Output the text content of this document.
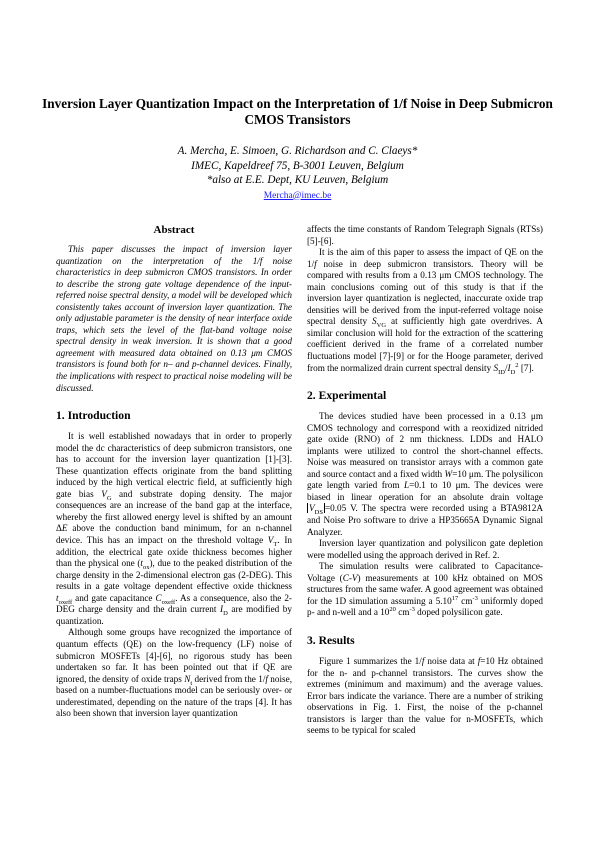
Inversion Layer Quantization Impact on the Interpretation of 1/f Noise in Deep Submicron CMOS Transistors
A. Mercha, E. Simoen, G. Richardson and C. Claeys*
IMEC, Kapeldreef 75, B-3001 Leuven, Belgium
*also at E.E. Dept, KU Leuven, Belgium
Mercha@imec.be
Abstract

This paper discusses the impact of inversion layer quantization on the interpretation of the 1/f noise characteristics in deep submicron CMOS transistors. In order to describe the strong gate voltage dependence of the input-referred noise spectral density, a model will be developed which consistently takes account of inversion layer quantization. The only adjustable parameter is the density of near interface oxide traps, which sets the level of the flat-band voltage noise spectral density in weak inversion. It is shown that a good agreement with measured data obtained on 0.13 μm CMOS transistors is found both for n– and p-channel devices. Finally, the implications with respect to practical noise modeling will be discussed.

1. Introduction

It is well established nowadays that in order to properly model the dc characteristics of deep submicron transistors, one has to account for the inversion layer quantization [1]-[3]. These quantization effects originate from the band splitting induced by the high vertical electric field, at sufficiently high gate bias $V_G$ and substrate doping density. The major consequences are an increase of the band gap at the interface, whereby the first allowed energy level is shifted by an amount ΔE above the conduction band minimum, for an n-channel device. This has an impact on the threshold voltage $V_T$. In addition, the electrical gate oxide thickness becomes higher than the physical one $(t_{ox})$, due to the peaked distribution of the charge density in the 2-dimensional electron gas (2-DEG). This results in a gate voltage dependent effective oxide thickness $t_{oxeff}$ and gate capacitance $C_{oxeff}$. As a consequence, also the 2-DEG charge density and the drain current $I_D$ are modified by quantization.

Although some groups have recognized the importance of quantum effects (QE) on the low-frequency (LF) noise of submicron MOSFETs [4]-[6], no rigorous study has been undertaken so far. It has been pointed out that if QE are ignored, the density of oxide traps $N_t$ derived from the 1/f noise, based on a number-fluctuations model can be seriously over- or underestimated, depending on the nature of the traps [4]. It has also been shown that inversion layer quantization

affects the time constants of Random Telegraph Signals (RTSs) [5]-[6].

It is the aim of this paper to assess the impact of QE on the 1/f noise in deep submicron transistors. Theory will be compared with results from a 0.13 μm CMOS technology. The main conclusions coming out of this study is that if the inversion layer quantization is neglected, inaccurate oxide trap densities will be derived from the input-referred voltage noise spectral density $S_{VG}$ at sufficiently high gate overdrives. A similar conclusion will hold for the extraction of the scattering coefficient derived in the frame of a correlated number fluctuations model [7]-[9] or for the Hooge parameter, derived from the normalized drain current spectral density $S_{ID}/I_D^2$ [7].

2. Experimental

The devices studied have been processed in a 0.13 μm CMOS technology and correspond with a reoxidized nitrided gate oxide (RNO) of 2 nm thickness. LDDs and HALO implants were utilized to control the short-channel effects. Noise was measured on transistor arrays with a common gate and source contact and a fixed width W=10 μm. The polysilicon gate length varied from L=0.1 to 10 μm. The devices were biased in linear operation for an absolute drain voltage $V_{DS} =0.05$ V. The spectra were recorded using a BTA9812A and Noise Pro software to drive a HP35665A Dynamic Signal Analyzer.

Inversion layer quantization and polysilicon gate depletion were modelled using the approach derived in Ref. 2.

The simulation results were calibrated to Capacitance-Voltage (C-V) measurements at 100 kHz obtained on MOS structures from the same wafer. A good agreement was obtained for the 1D simulation assuming a 5.10$^{17}$ $cm^{-3}$ uniformly doped p- and n-well and a $10^{20}$ $cm^{-3}$ doped polysilicon gate.

3. Results

Figure 1 summarizes the 1/f noise data at f=10 Hz obtained for the n- and p-channel transistors. The curves show the extremes (minimum and maximum) and the average values. Error bars indicate the variance. There are a number of striking observations in Fig. 1. First, the noise of the p-channel transistors is larger than the value for n-MOSFETs, which seems to be typical for scaled
